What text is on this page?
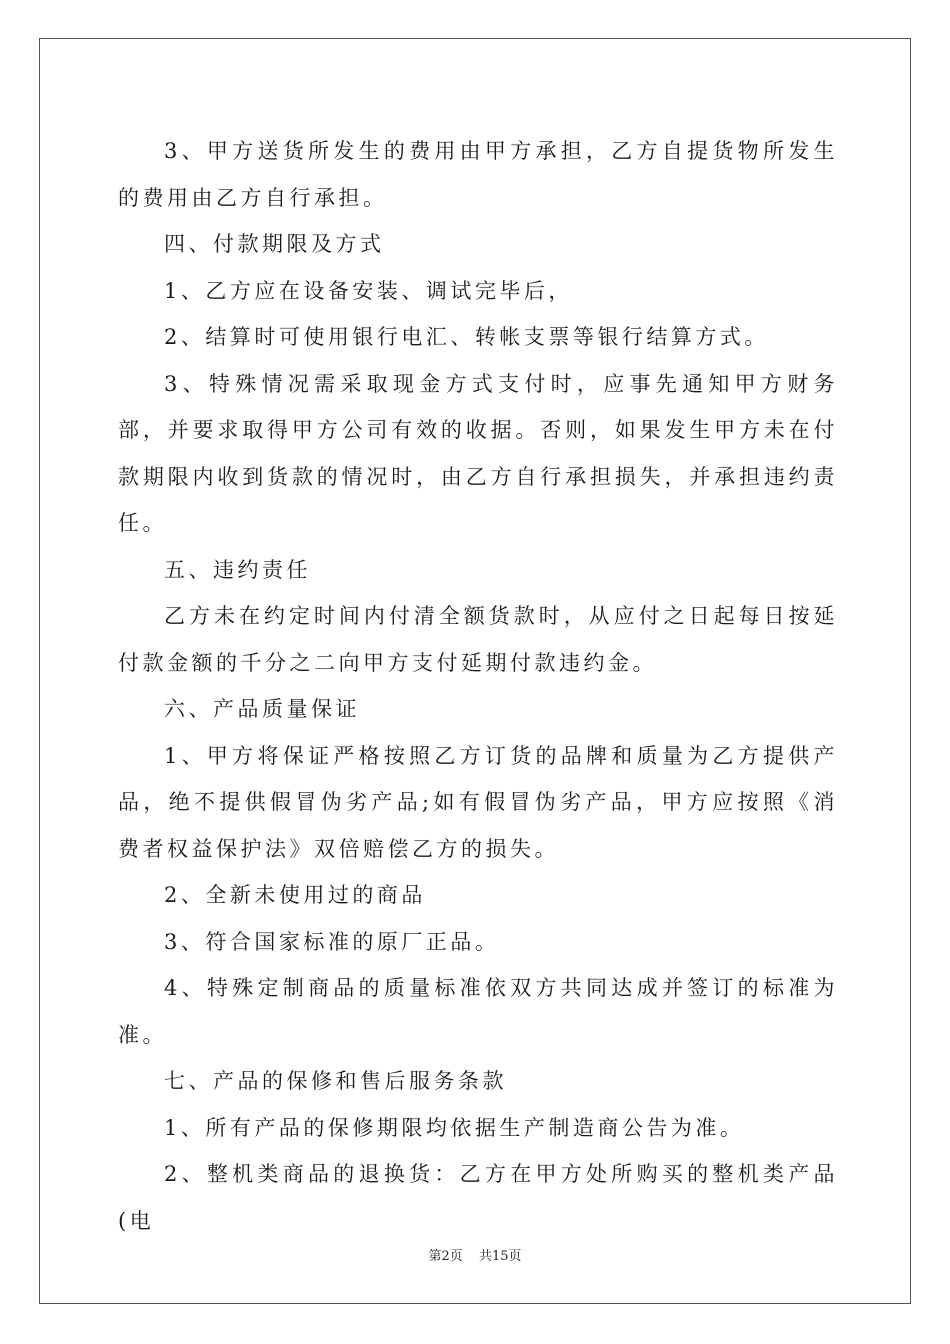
3、甲方送货所发生的费用由甲方承担，乙方自提货物所发生的费用由乙方自行承担。

四、付款期限及方式

1、乙方应在设备安装、调试完毕后，

2、结算时可使用银行电汇、转帐支票等银行结算方式。

3、特殊情况需采取现金方式支付时，应事先通知甲方财务部，并要求取得甲方公司有效的收据。否则，如果发生甲方未在付款期限内收到货款的情况时，由乙方自行承担损失，并承担违约责任。

五、违约责任

乙方未在约定时间内付清全额货款时，从应付之日起每日按延付款金额的千分之二向甲方支付延期付款违约金。

六、产品质量保证

1、甲方将保证严格按照乙方订货的品牌和质量为乙方提供产品，绝不提供假冒伪劣产品;如有假冒伪劣产品，甲方应按照《消费者权益保护法》双倍赔偿乙方的损失。

2、全新未使用过的商品

3、符合国家标准的原厂正品。

4、特殊定制商品的质量标准依双方共同达成并签订的标准为准。

七、产品的保修和售后服务条款

1、所有产品的保修期限均依据生产制造商公告为准。

2、整机类商品的退换货：乙方在甲方处所购买的整机类产品(电

第2页 共15页
